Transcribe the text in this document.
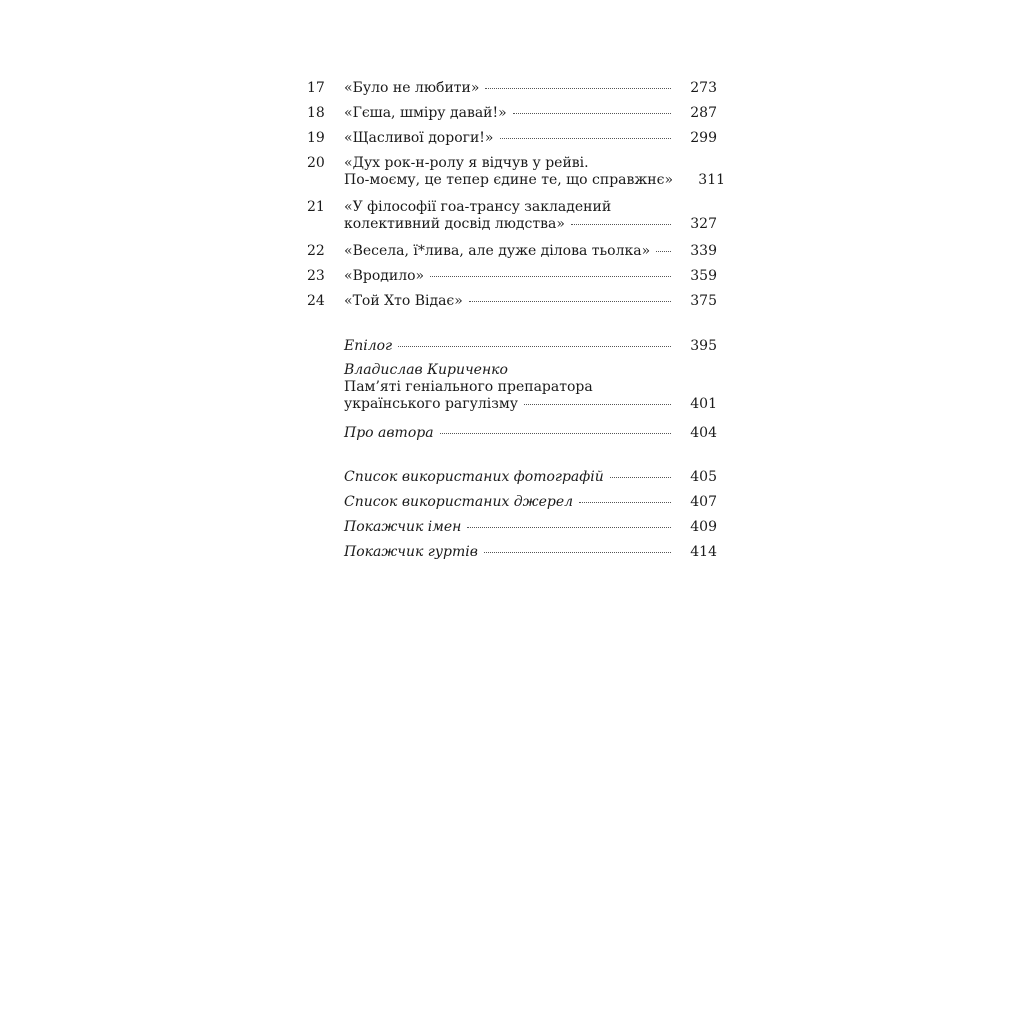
17	«Було не любити»	273
18	«Гєша, шміру давай!»	287
19	«Щасливої дороги!»	299
20	«Дух рок-н-ролу я відчув у рейві.
По-моєму, це тепер єдине те, що справжнє»	311
21	«У філософії гоа-трансу закладений
колективний досвід людства»	327
22	«Весела, ї*лива, але дуже ділова тьолка»	339
23	«Вродило»	359
24	«Той Хто Відає»	375
Епілог	395
Владислав Кириченко
Пам’яті геніального препаратора
українського рагулізму	401
Про автора	404
Список використаних фотографій	405
Список використаних джерел	407
Покажчик імен	409
Покажчик гуртів	414
